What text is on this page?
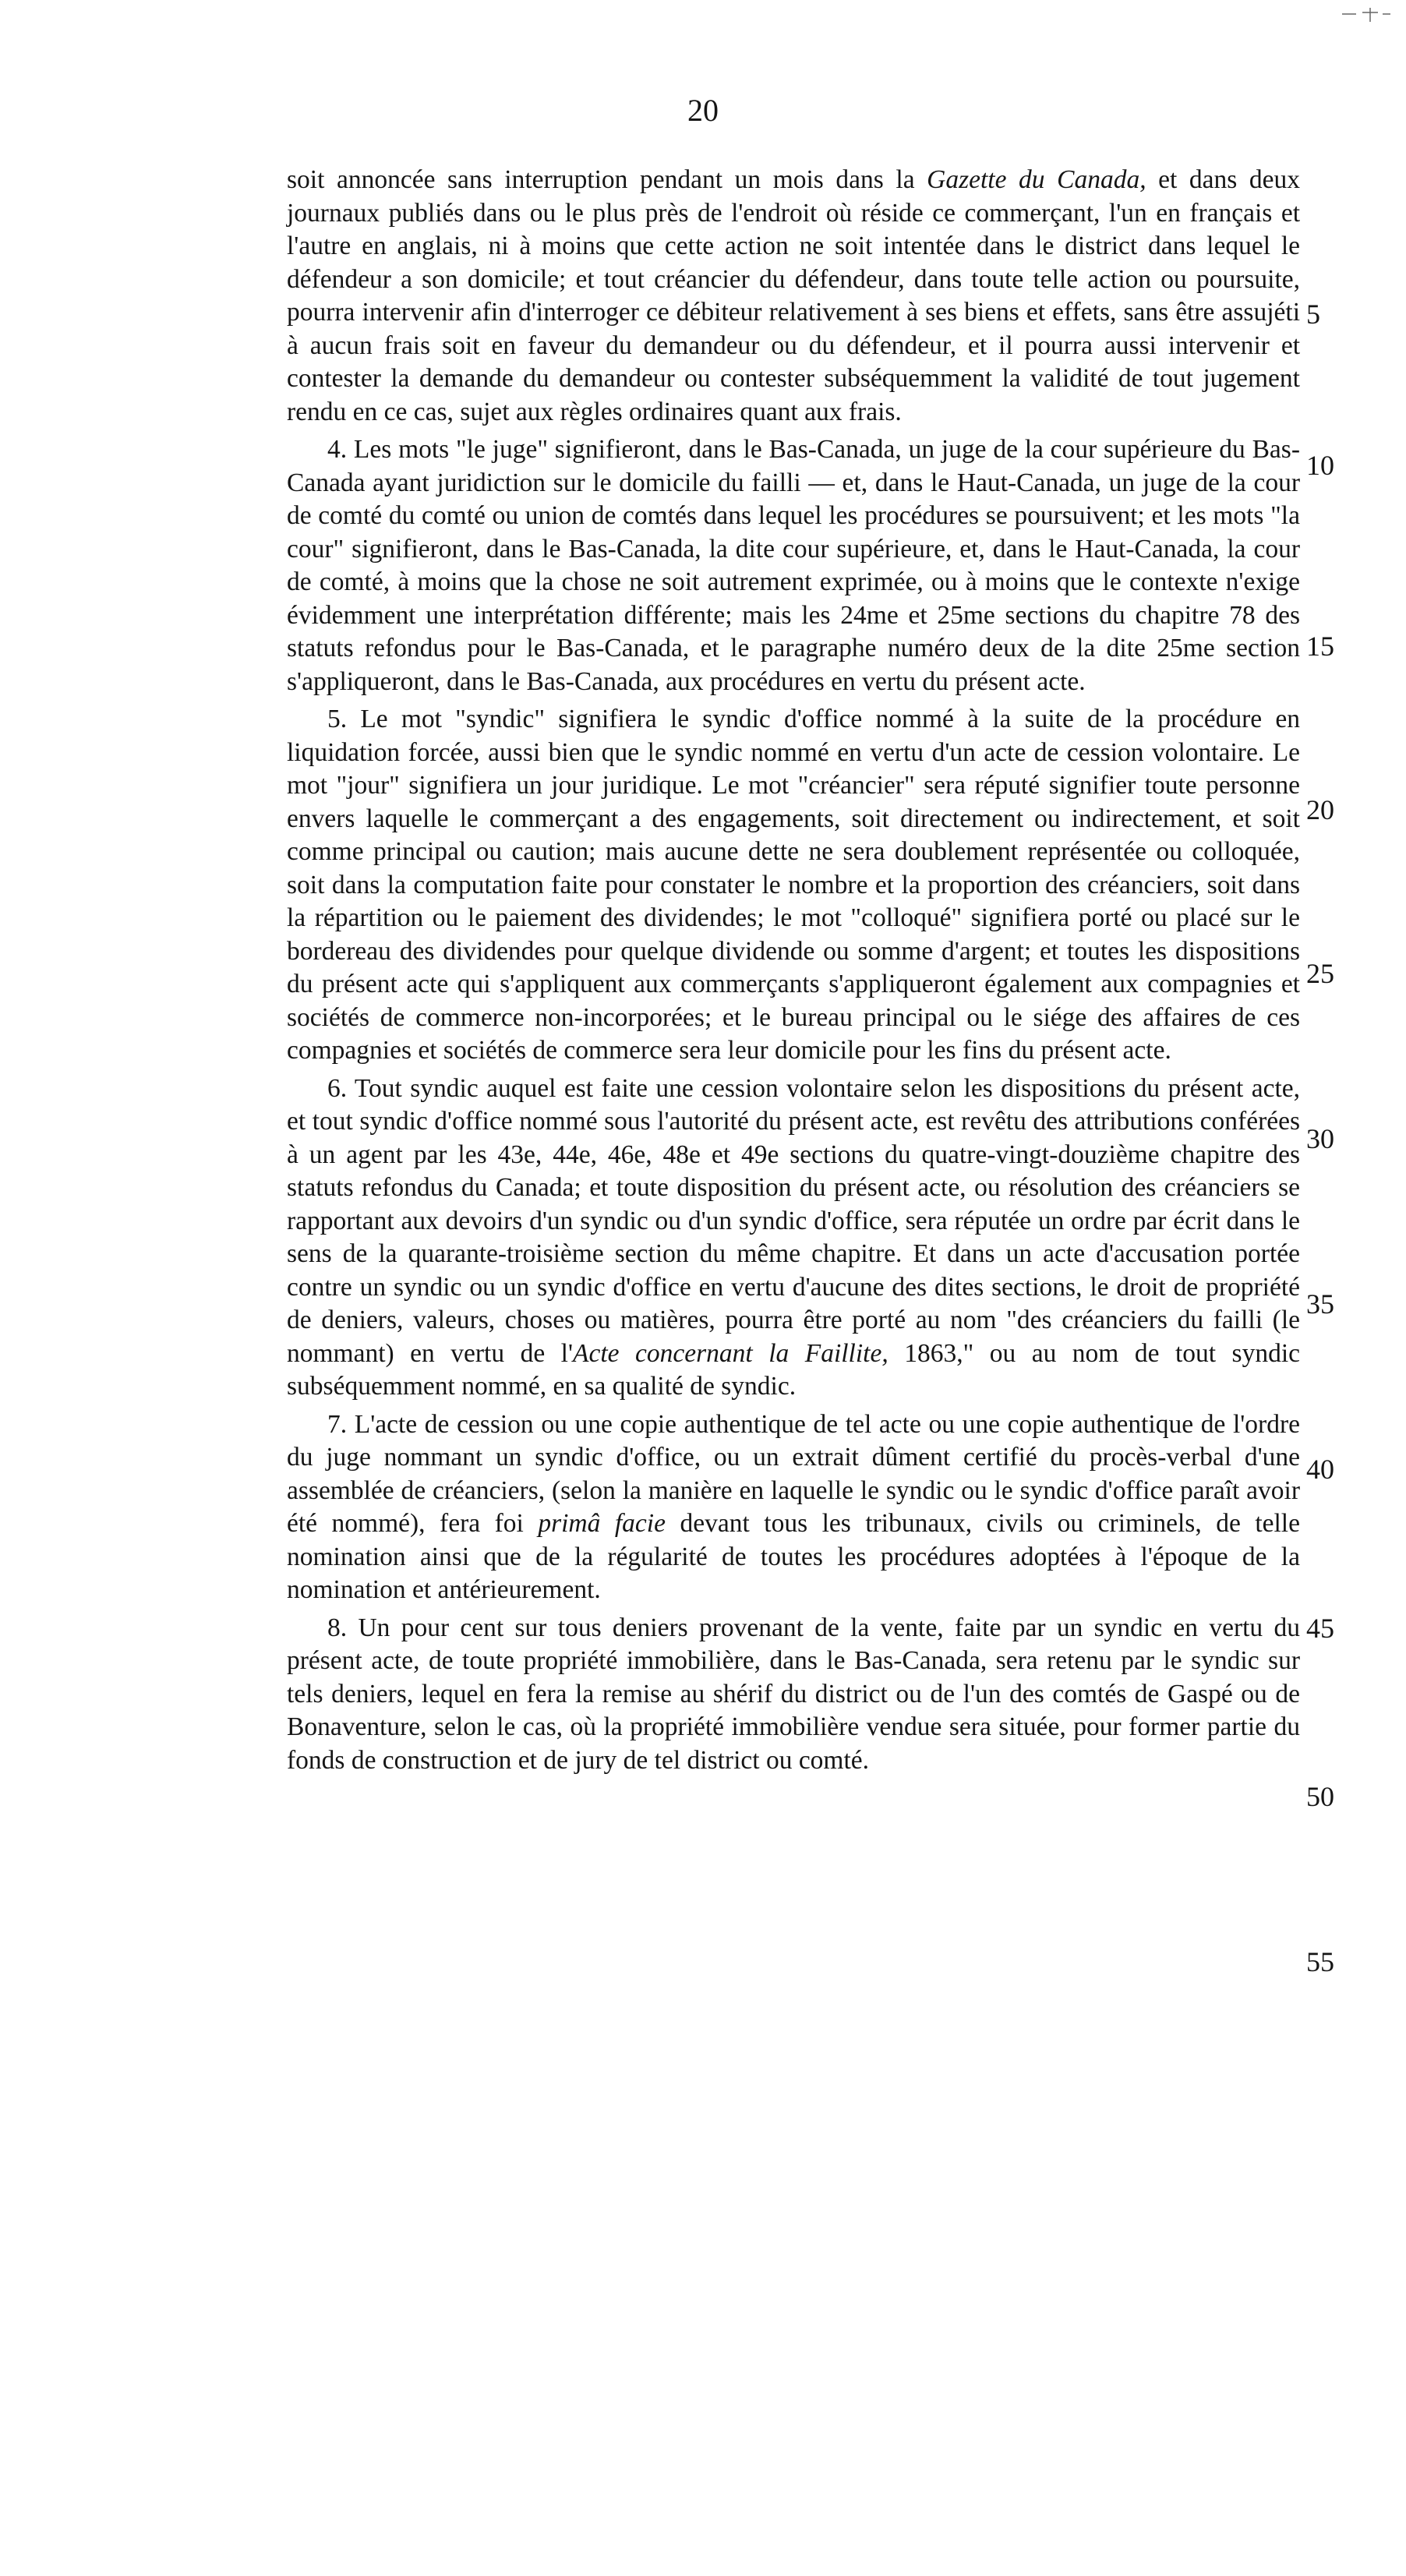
20

soit annoncée sans interruption pendant un mois dans la Gazette du Canada, et dans deux journaux publiés dans ou le plus près de l'endroit où réside ce commerçant, l'un en français et l'autre en anglais, ni à moins que cette action ne soit intentée dans le district dans lequel le défendeur a son domicile; et tout créancier du défendeur, dans toute telle action ou poursuite, pourra intervenir afin d'interroger ce débiteur relativement à ses biens et effets, sans être assujéti à aucun frais soit en faveur du demandeur ou du défendeur, et il pourra aussi intervenir et contester la demande du demandeur ou contester subséquemment la validité de tout jugement rendu en ce cas, sujet aux règles ordinaires quant aux frais.

4. Les mots "le juge" signifieront, dans le Bas-Canada, un juge de la cour supérieure du Bas-Canada ayant juridiction sur le domicile du failli — et, dans le Haut-Canada, un juge de la cour de comté du comté ou union de comtés dans lequel les procédures se poursuivent; et les mots "la cour" signifieront, dans le Bas-Canada, la dite cour supérieure, et, dans le Haut-Canada, la cour de comté, à moins que la chose ne soit autrement exprimée, ou à moins que le contexte n'exige évidemment une interprétation différente; mais les 24me et 25me sections du chapitre 78 des statuts refondus pour le Bas-Canada, et le paragraphe numéro deux de la dite 25me section s'appliqueront, dans le Bas-Canada, aux procédures en vertu du présent acte.

5. Le mot "syndic" signifiera le syndic d'office nommé à la suite de la procédure en liquidation forcée, aussi bien que le syndic nommé en vertu d'un acte de cession volontaire. Le mot "jour" signifiera un jour juridique. Le mot "créancier" sera réputé signifier toute personne envers laquelle le commerçant a des engagements, soit directement ou indirectement, et soit comme principal ou caution; mais aucune dette ne sera doublement représentée ou colloquée, soit dans la computation faite pour constater le nombre et la proportion des créanciers, soit dans la répartition ou le paiement des dividendes; le mot "colloqué" signifiera porté ou placé sur le bordereau des dividendes pour quelque dividende ou somme d'argent; et toutes les dispositions du présent acte qui s'appliquent aux commerçants s'appliqueront également aux compagnies et sociétés de commerce non-incorporées; et le bureau principal ou le siége des affaires de ces compagnies et sociétés de commerce sera leur domicile pour les fins du présent acte.

6. Tout syndic auquel est faite une cession volontaire selon les dispositions du présent acte, et tout syndic d'office nommé sous l'autorité du présent acte, est revêtu des attributions conférées à un agent par les 43e, 44e, 46e, 48e et 49e sections du quatre-vingt-douzième chapitre des statuts refondus du Canada; et toute disposition du présent acte, ou résolution des créanciers se rapportant aux devoirs d'un syndic ou d'un syndic d'office, sera réputée un ordre par écrit dans le sens de la quarante-troisième section du même chapitre. Et dans un acte d'accusation portée contre un syndic ou un syndic d'office en vertu d'aucune des dites sections, le droit de propriété de deniers, valeurs, choses ou matières, pourra être porté au nom "des créanciers du failli (le nommant) en vertu de l'Acte concernant la Faillite, 1863," ou au nom de tout syndic subséquemment nommé, en sa qualité de syndic.

7. L'acte de cession ou une copie authentique de tel acte ou une copie authentique de l'ordre du juge nommant un syndic d'office, ou un extrait dûment certifié du procès-verbal d'une assemblée de créanciers, (selon la manière en laquelle le syndic ou le syndic d'office paraît avoir été nommé), fera foi primâ facie devant tous les tribunaux, civils ou criminels, de telle nomination ainsi que de la régularité de toutes les procédures adoptées à l'époque de la nomination et antérieurement.

8. Un pour cent sur tous deniers provenant de la vente, faite par un syndic en vertu du présent acte, de toute propriété immobilière, dans le Bas-Canada, sera retenu par le syndic sur tels deniers, lequel en fera la remise au shérif du district ou de l'un des comtés de Gaspé ou de Bonaventure, selon le cas, où la propriété immobilière vendue sera située, pour former partie du fonds de construction et de jury de tel district ou comté.

5
10
15
20
25
30
35
40
45
50
55
